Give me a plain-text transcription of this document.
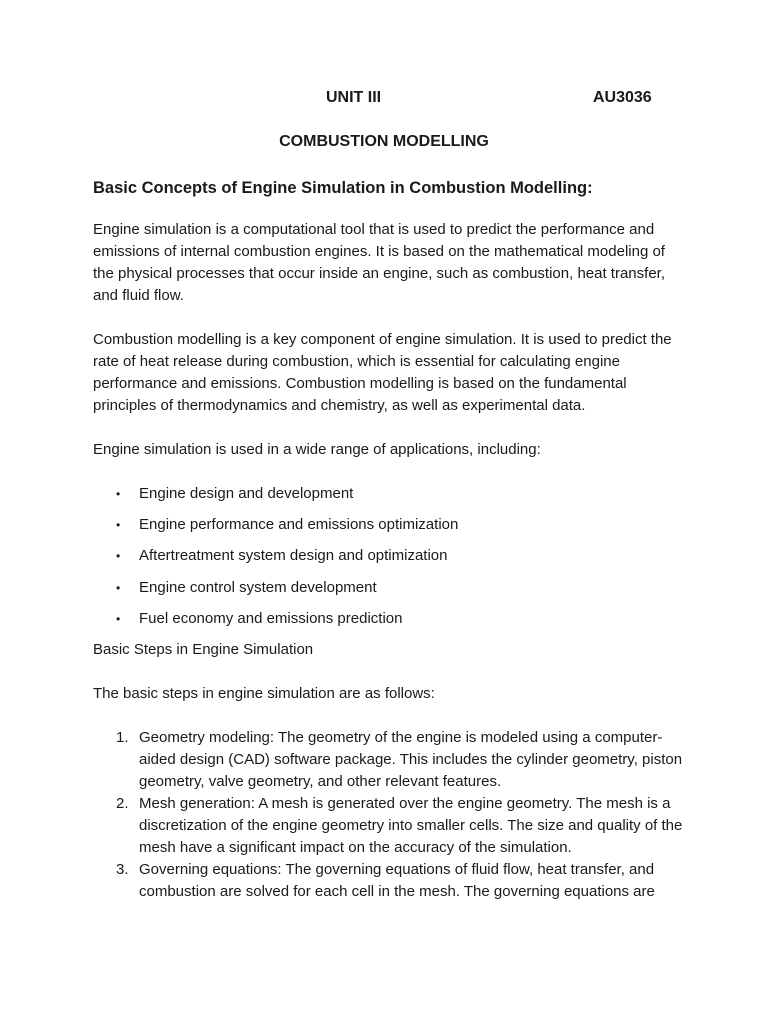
UNIT III	AU3036
COMBUSTION MODELLING
Basic Concepts of Engine Simulation in Combustion Modelling:

Engine simulation is a computational tool that is used to predict the performance and emissions of internal combustion engines. It is based on the mathematical modeling of the physical processes that occur inside an engine, such as combustion, heat transfer, and fluid flow.

Combustion modelling is a key component of engine simulation. It is used to predict the rate of heat release during combustion, which is essential for calculating engine performance and emissions. Combustion modelling is based on the fundamental principles of thermodynamics and chemistry, as well as experimental data.

Engine simulation is used in a wide range of applications, including:

• Engine design and development
• Engine performance and emissions optimization
• Aftertreatment system design and optimization
• Engine control system development
• Fuel economy and emissions prediction
Basic Steps in Engine Simulation
The basic steps in engine simulation are as follows:
1. Geometry modeling: The geometry of the engine is modeled using a computer-aided design (CAD) software package. This includes the cylinder geometry, piston geometry, valve geometry, and other relevant features.
2. Mesh generation: A mesh is generated over the engine geometry. The mesh is a discretization of the engine geometry into smaller cells. The size and quality of the mesh have a significant impact on the accuracy of the simulation.
3. Governing equations: The governing equations of fluid flow, heat transfer, and combustion are solved for each cell in the mesh. The governing equations are
